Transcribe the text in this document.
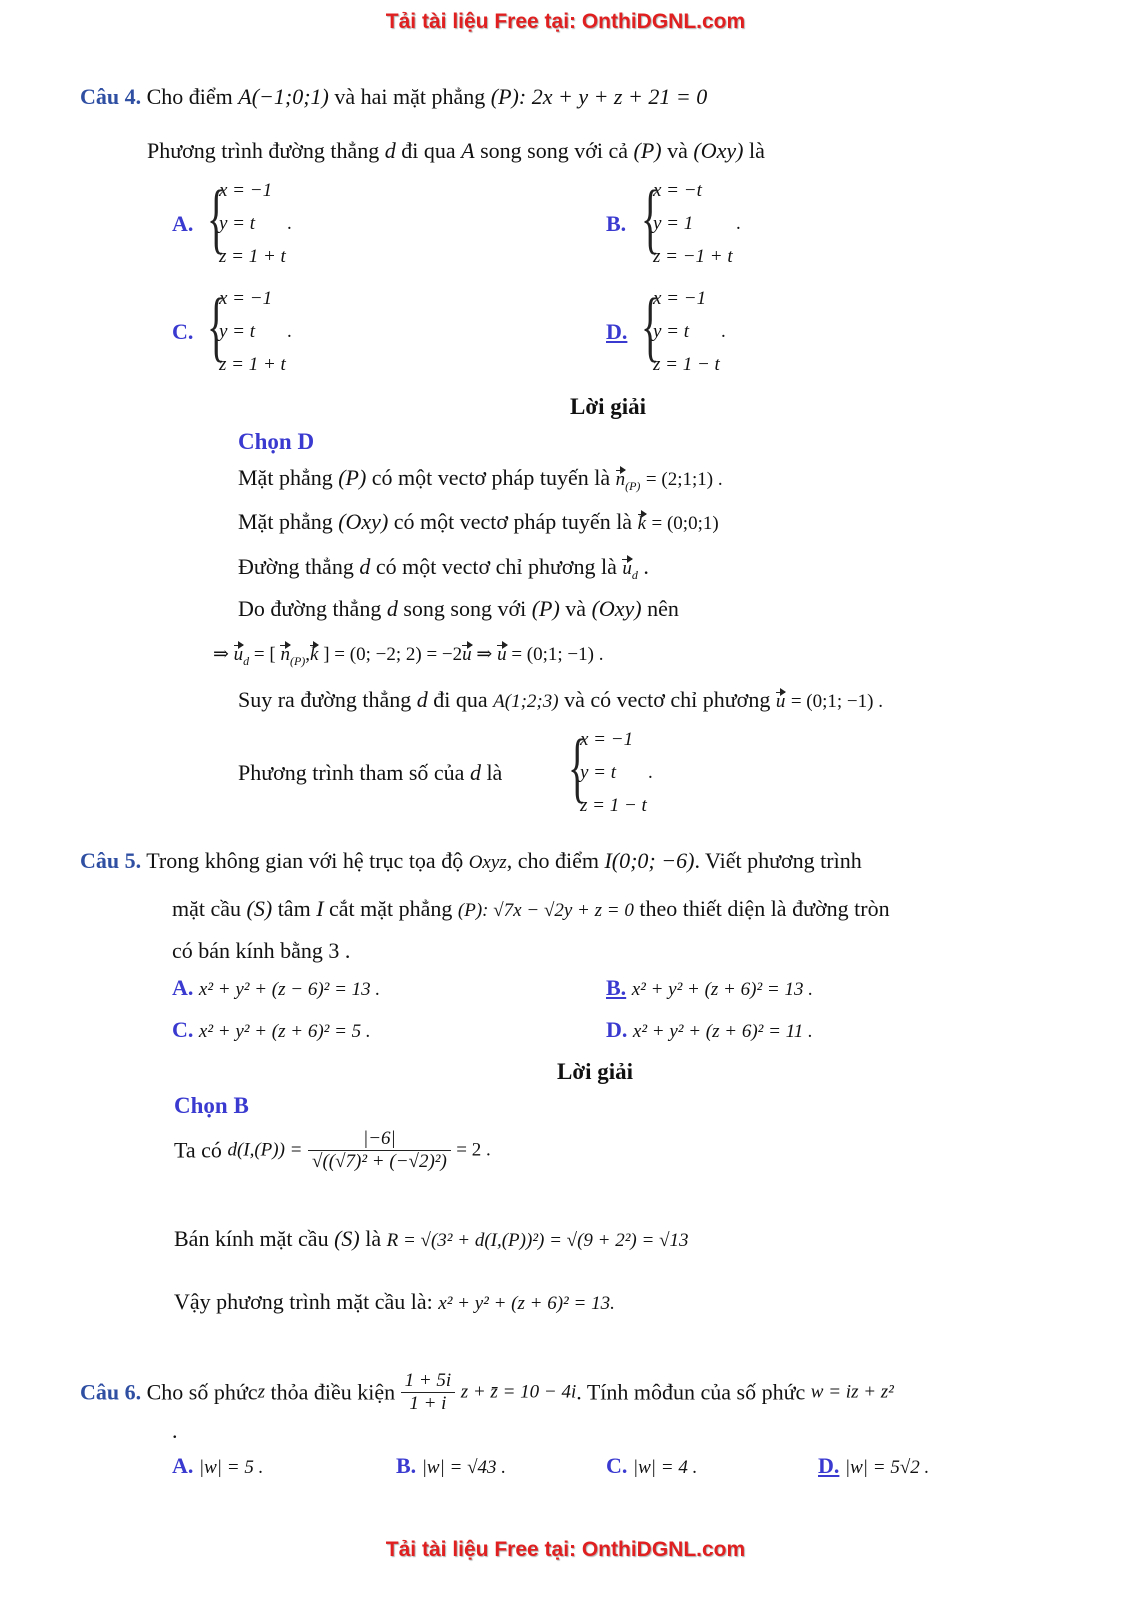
Tải tài liệu Free tại: OnthiDGNL.com
Tải tài liệu Free tại: OnthiDGNL.com
Câu 4. Cho điểm A(−1;0;1) và hai mặt phẳng (P): 2x + y + z + 21 = 0
Phương trình đường thẳng d đi qua A song song với cả (P) và (Oxy) là
A. {
x = −1
y = t
z = 1 + t
.	B. {
x = −t
y = 1
z = −1 + t
.
C. {
x = −1
y = t
z = 1 + t
.	D. {
x = −1
y = t
z = 1 − t
.
Lời giải
Chọn D
Mặt phẳng (P) có một vectơ pháp tuyến là $n_{(P)}$ = (2;1;1) .
Mặt phẳng (Oxy) có một vectơ pháp tuyến là k = (0;0;1)
Đường thẳng d có một vectơ chỉ phương là $u_d$ .
Do đường thẳng d song song với (P) và (Oxy) nên
⇒ $u_d$ = [ $n_{(P)},k$ ] = (0; −2; 2) = −2u ⇒ u = (0;1; −1) .
Suy ra đường thẳng d đi qua A(1;2;3) và có vectơ chỉ phương u = (0;1; −1) .
Phương trình tham số của d là {
x = −1
y = t
z = 1 − t
.
Câu 5. Trong không gian với hệ trục tọa độ Oxyz, cho điểm I(0;0; −6). Viết phương trình
mặt cầu (S) tâm I cắt mặt phẳng (P): √7x − √2y + z = 0 theo thiết diện là đường tròn
có bán kính bằng 3 .
A. x² + y² + (z − 6)² = 13 .	B. x² + y² + (z + 6)² = 13 .
C. x² + y² + (z + 6)² = 5 .	D. x² + y² + (z + 6)² = 11 .
Lời giải
Chọn B
Ta có $d(I,(P)) = \frac{|-6|}{\text{√((√7)² + (−√2)²)}} = 2$ .
Bán kính mặt cầu (S) là R = √(3² + d(I,(P))²) = √(9 + 2²) = √13
Vậy phương trình mặt cầu là: x² + y² + (z + 6)² = 13.
Câu 6. Cho số phứcz thỏa điều kiện $\frac{1 + 5i}{1 + i}$ z + z̄ = 10 − 4i. Tính môđun của số phức w = iz + z²
.
A. |w| = 5 .	B. |w| = √43 .	C. |w| = 4 .	D. |w| = 5√2 .
